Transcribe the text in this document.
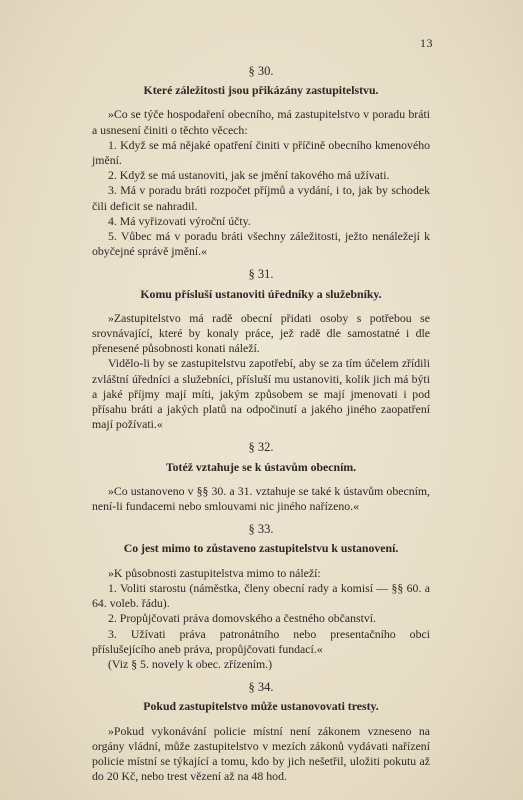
13
§ 30.
Které záležitosti jsou přikázány zastupitelstvu.

»Co se týče hospodaření obecního, má zastupitelstvo v poradu bráti a usnesení činiti o těchto věcech:

1. Když se má nějaké opatření činiti v příčině obecního kmenového jmění.

2. Když se má ustanoviti, jak se jmění takového má užívati.

3. Má v poradu bráti rozpočet příjmů a vydání, i to, jak by schodek čili deficit se nahradil.

4. Má vyřizovati výroční účty.

5. Vůbec má v poradu bráti všechny záležitosti, ježto nenáležejí k obyčejné správě jmění.«

§ 31.
Komu přísluší ustanoviti úředníky a služebníky.

»Zastupitelstvo má radě obecní přidati osoby s potřebou se srovnávající, které by konaly práce, jež radě dle samostatné i dle přenesené působnosti konati náleží.

Vidělo-li by se zastupitelstvu zapotřebí, aby se za tím účelem zřídili zvláštní úředníci a služebníci, přísluší mu ustanoviti, kolik jich má býti a jaké příjmy mají míti, jakým způsobem se mají jmenovati i pod přísahu bráti a jakých platů na odpočinutí a jakého jiného zaopatření mají požívati.«

§ 32.
Totéž vztahuje se k ústavům obecním.

»Co ustanoveno v §§ 30. a 31. vztahuje se také k ústavům obecním, není-li fundacemi nebo smlouvami nic jiného nařízeno.«

§ 33.
Co jest mimo to zůstaveno zastupitelstvu k ustanovení.

»K působnosti zastupitelstva mimo to náleží:

1. Voliti starostu (náměstka, členy obecní rady a komisí — §§ 60. a 64. voleb. řádu).

2. Propůjčovati práva domovského a čestného občanství.

3. Užívati práva patronátního nebo presentačního obci příslušejícího aneb práva, propůjčovati fundací.«

(Viz § 5. novely k obec. zřízením.)

§ 34.
Pokud zastupitelstvo může ustanovovati tresty.

»Pokud vykonávání policie místní není zákonem vzneseno na orgány vládní, může zastupitelstvo v mezích zákonů vydávati nařízení policie místní se týkající a tomu, kdo by jich nešetřil, uložiti pokutu až do 20 Kč, nebo trest vězení až na 48 hod.
